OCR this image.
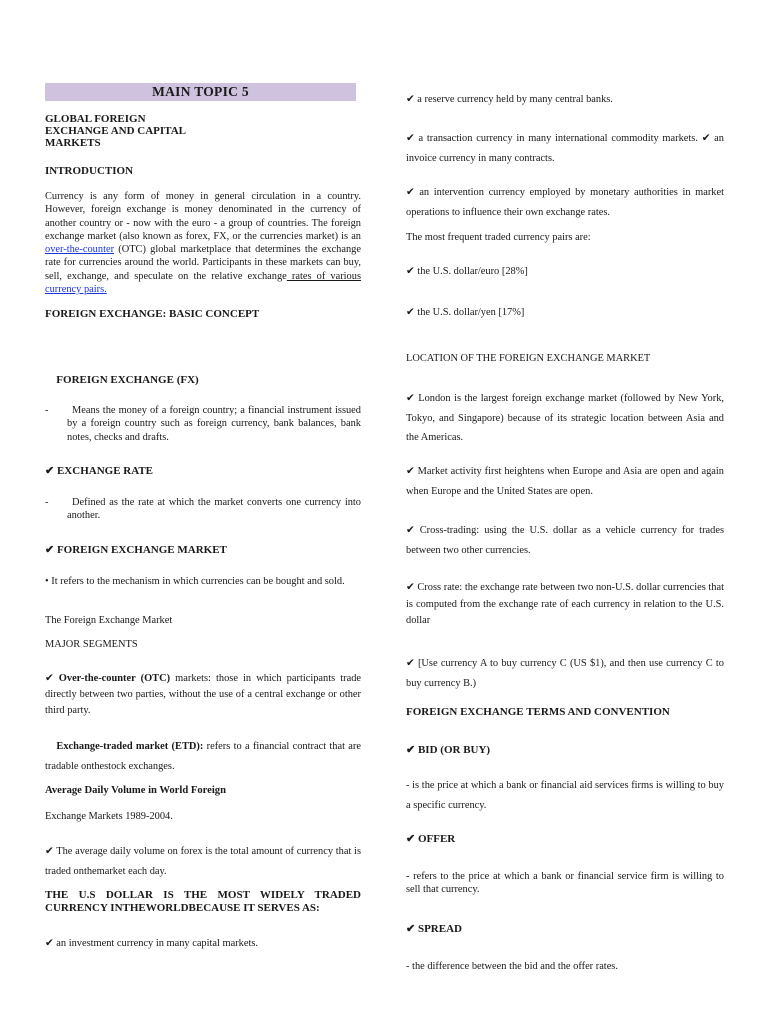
MAIN TOPIC 5
GLOBAL FOREIGN
EXCHANGE AND CAPITAL
MARKETS
INTRODUCTION

Currency is any form of money in general circulation in a country. However, foreign exchange is money denominated in the currency of another country or - now with the euro - a group of countries. The foreign exchange market (also known as forex, FX, or the currencies market) is an over-the-counter (OTC) global marketplace that determines the exchange rate for currencies around the world. Participants in these markets can buy, sell, exchange, and speculate on the relative exchange rates of various currency pairs.

FOREIGN EXCHANGE: BASIC CONCEPT
FOREIGN EXCHANGE (FX)
-	Means the money of a foreign country; a financial instrument issued by a foreign country such as foreign currency, bank balances, bank notes, checks and drafts.
✔ EXCHANGE RATE
-	Defined as the rate at which the market converts one currency into another.
✔ FOREIGN EXCHANGE MARKET

• It refers to the mechanism in which currencies can be bought and sold.

The Foreign Exchange Market
MAJOR SEGMENTS

✔ Over-the-counter (OTC) markets: those in which participants trade directly between two parties, without the use of a central exchange or other third party.

Exchange-traded market (ETD): refers to a financial contract that are tradable onthestock exchanges.

Average Daily Volume in World Foreign
Exchange Markets 1989-2004.

✔ The average daily volume on forex is the total amount of currency that is traded onthemarket each day.

THE U.S DOLLAR IS THE MOST WIDELY TRADED CURRENCY INTHEWORLDBECAUSE IT SERVES AS:

✔ an investment currency in many capital markets.
✔ a reserve currency held by many central banks.

✔ a transaction currency in many international commodity markets. ✔ an invoice currency in many contracts.

✔ an intervention currency employed by monetary authorities in market operations to influence their own exchange rates.

The most frequent traded currency pairs are:
✔ the U.S. dollar/euro [28%]
✔ the U.S. dollar/yen [17%]
LOCATION OF THE FOREIGN EXCHANGE MARKET

✔ London is the largest foreign exchange market (followed by New York, Tokyo, and Singapore) because of its strategic location between Asia and the Americas.

✔ Market activity first heightens when Europe and Asia are open and again when Europe and the United States are open.

✔ Cross-trading: using the U.S. dollar as a vehicle currency for trades between two other currencies.

✔ Cross rate: the exchange rate between two non-U.S. dollar currencies that is computed from the exchange rate of each currency in relation to the U.S. dollar

✔ [Use currency A to buy currency C (US $1), and then use currency C to buy currency B.)

FOREIGN EXCHANGE TERMS AND CONVENTION
✔ BID (OR BUY)

- is the price at which a bank or financial aid services firms is willing to buy a specific currency.

✔ OFFER

- refers to the price at which a bank or financial service firm is willing to sell that currency.

✔ SPREAD
- the difference between the bid and the offer rates.
